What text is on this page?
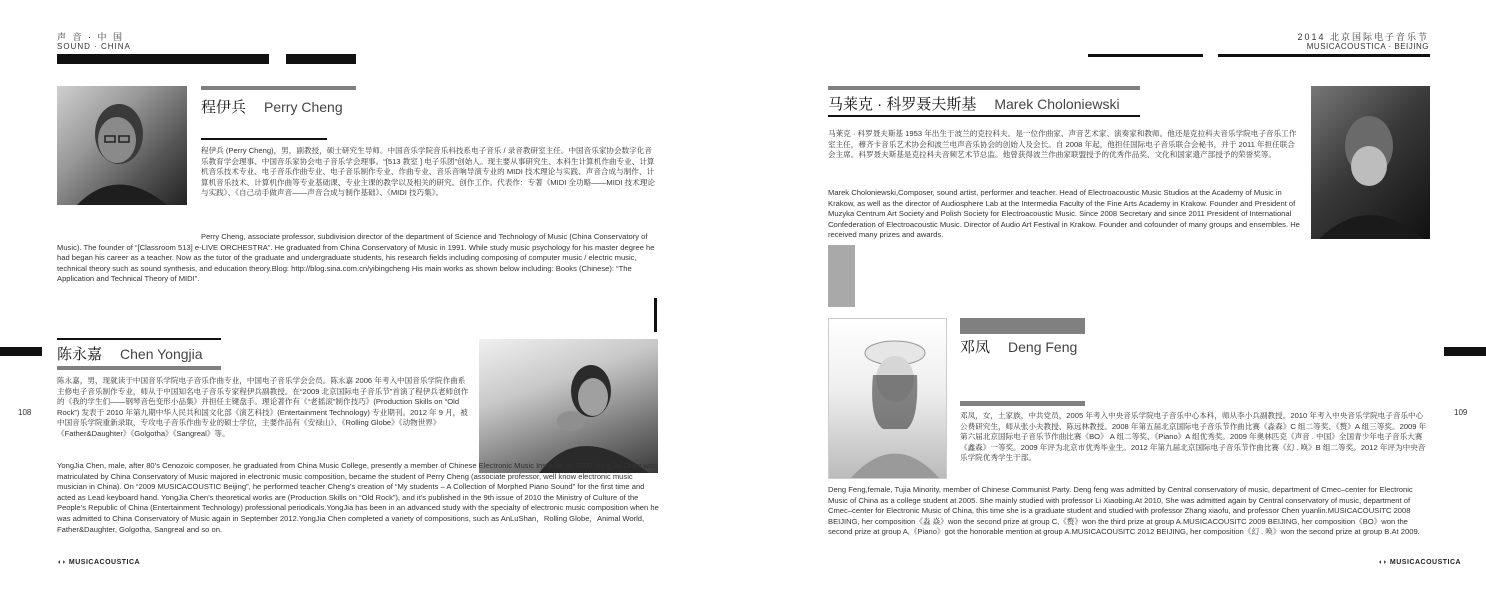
声 音 · 中 国
SOUND · CHINA
2014 北京国际电子音乐节
MUSICACOUSTICA · BEIJING
程伊兵 Perry Cheng
程伊兵 (Perry Cheng)，男，副教授，硕士研究生导师。中国音乐学院音乐科技系电子音乐 / 录音教研室主任。中国音乐家协会数字化音乐教育学会理事、中国音乐家协会电子音乐学会理事。“[513 教室 ] 电子乐团”创始人。现主要从事研究生、本科生计算机作曲专业、计算机音乐技术专业、电子音乐作曲专业、电子音乐制作专业、作曲专业、音乐音响导演专业的 MIDI 技术理论与实践、声音合成与制作、计算机音乐技术、计算机作曲等专业基础课、专业主课的教学以及相关的研究。创作工作。代表作：专著《MIDI 全功略——MIDI 技术理论与实践》、《自己动手做声音——声音合成与制作基础》、《MIDI 技巧集》。
Perry Cheng, associate professor, subdivision director of the department of Science and Technology of Music (China Conservatory of Music). The founder of “[Classroom 513] e-LIVE ORCHESTRA”. He graduated from China Conservatory of Music in 1991. While study music psychology for his master degree he had began his career as a teacher. Now as the tutor of the graduate and undergraduate students, his research fields including composing of computer music / electric music, technical theory such as sound synthesis, and education theory.Blog: http://blog.sina.com.cn/yibingcheng His main works as shown below including: Books (Chinese): “The Application and Technical Theory of MIDI”.
陈永嘉 Chen Yongjia
108
陈永嘉，男，现就读于中国音乐学院电子音乐作曲专业，中国电子音乐学会会员。陈永嘉 2006 年考入中国音乐学院作曲系主修电子音乐制作专业，师从于中国知名电子音乐专家程伊兵副教授。在“2009 北京国际电子音乐节”首演了程伊兵老师创作的《我的学生们——钢琴音色变形小品集》并担任主键盘手。理论著作有《“老摇滚”制作技巧》(Production Skills on “Old Rock”) 发表于 2010 年第九期中华人民共和国文化部《演艺科技》(Entertainment Technology) 专业期刊。2012 年 9 月，被中国音乐学院重新录取，专攻电子音乐作曲专业的硕士学位，主要作品有《安禄山》、《Rolling Globe》《动物世界》《Father&Daughter》《Golgotha》《Sangreal》等。
YongJia Chen, male, after 80’s Cenozoic composer, he graduated from China Music College, presently a member of Chinese Electronic Music Institute. In 2006,YongJia Chen was matriculated by China Conservatory of Music majored in electronic music composition, became the student of Perry Cheng (associate professor, well know electronic music musician in China). On “2009 MUSICACOUSTIC Beijing”, he performed teacher Cheng’s creation of “My students – A Collection of Morphed Piano Sound” for the first time and acted as Lead keyboard hand. YongJia Chen’s theoretical works are (Production Skills on “Old Rock”), and it’s published in the 9th issue of 2010 the Ministry of Culture of the People’s Republic of China (Entertainment Technology) professional periodicals.YongJia has been in an advanced study with the specialty of electronic music composition when he was admitted to China Conservatory of Music again in September 2012.YongJia Chen completed a variety of compositions, such as AnLuShan，Rolling Globe，Animal World, Father&Daughter, Golgotha, Sangreal and so on.
◖◗ MUSICACOUSTICA
马莱克 · 科罗聂夫斯基 Marek Choloniewski
马莱克 · 科罗聂夫斯基 1953 年出生于波兰的克拉科夫。是一位作曲家、声音艺术家、演奏家和教师。他还是克拉科夫音乐学院电子音乐工作室主任，穆齐卡音乐艺术协会和波兰电声音乐协会的创始人及会长。自 2008 年起，他担任国际电子音乐联合会秘书，并于 2011 年担任联合会主席。科罗聂夫斯基是克拉科夫音频艺术节总监。他曾获得波兰作曲家联盟授予的优秀作品奖、文化和国家遗产部授予的荣誉奖等。
Marek Choloniewski,Composer, sound artist, performer and teacher. Head of Electroacoustic Music Studios at the Academy of Music in Krakow, as well as the director of Audiosphere Lab at the Intermedia Faculty of the Fine Arts Academy in Krakow. Founder and President of Muzyka Centrum Art Society and Polish Society for Electroacoustic Music. Since 2008 Secretary and since 2011 President of International Confederation of Electroacoustic Music. Director of Audio Art Festival in Krakow. Founder and cofounder of many groups and ensembles. He received many prizes and awards.
邓凤 Deng Feng
109
邓凤，女，土家族，中共党员，2005 年考入中央音乐学院电子音乐中心本科，师从李小兵副教授。2010 年考入中央音乐学院电子音乐中心公费研究生，师从张小夫教授、陈远林教授。2008 年第五届北京国际电子音乐节作曲比赛《淼森》C 组二等奖、《赘》A 组三等奖。2009 年第六届北京国际电子音乐节作曲比赛《BO》 A 组二等奖、《Piano》A 组优秀奖。2009 年奥林匹克《声音 . 中国》全国青少年电子音乐大赛《鑫森》一等奖。2009 年评为北京市优秀毕业生。2012 年第九届北京国际电子音乐节作曲比赛《幻 . 唤》B 组二等奖。2012 年评为中央音乐学院优秀学生干部。
Deng Feng,female, Tujia Minority, member of Chinese Communist Party. Deng feng was admitted by Central conservatory of music, department of Cmec–center for Electronic Music of China as a college student at 2005. She mainly studied with professor Li Xiaobing.At 2010, She was admitted again by Central conservatory of music, department of Cmec–center for Electronic Music of China, this time she is a graduate student and studied with professor Zhang xiaofu, and professor Chen yuanlin.MUSICACOUSITC 2008 BEIJING, her composition《淼 焱》won the second prize at group C,《赘》won the third prize at group A.MUSICACOUSITC 2009 BEIJING, her composition《BO》won the second prize at group A,《Piano》got the honorable mention at group A.MUSICACOUSITC 2012 BEIJING, her composition《幻 . 唤》won the second prize at group B.At 2009.
◖◗ MUSICACOUSTICA
